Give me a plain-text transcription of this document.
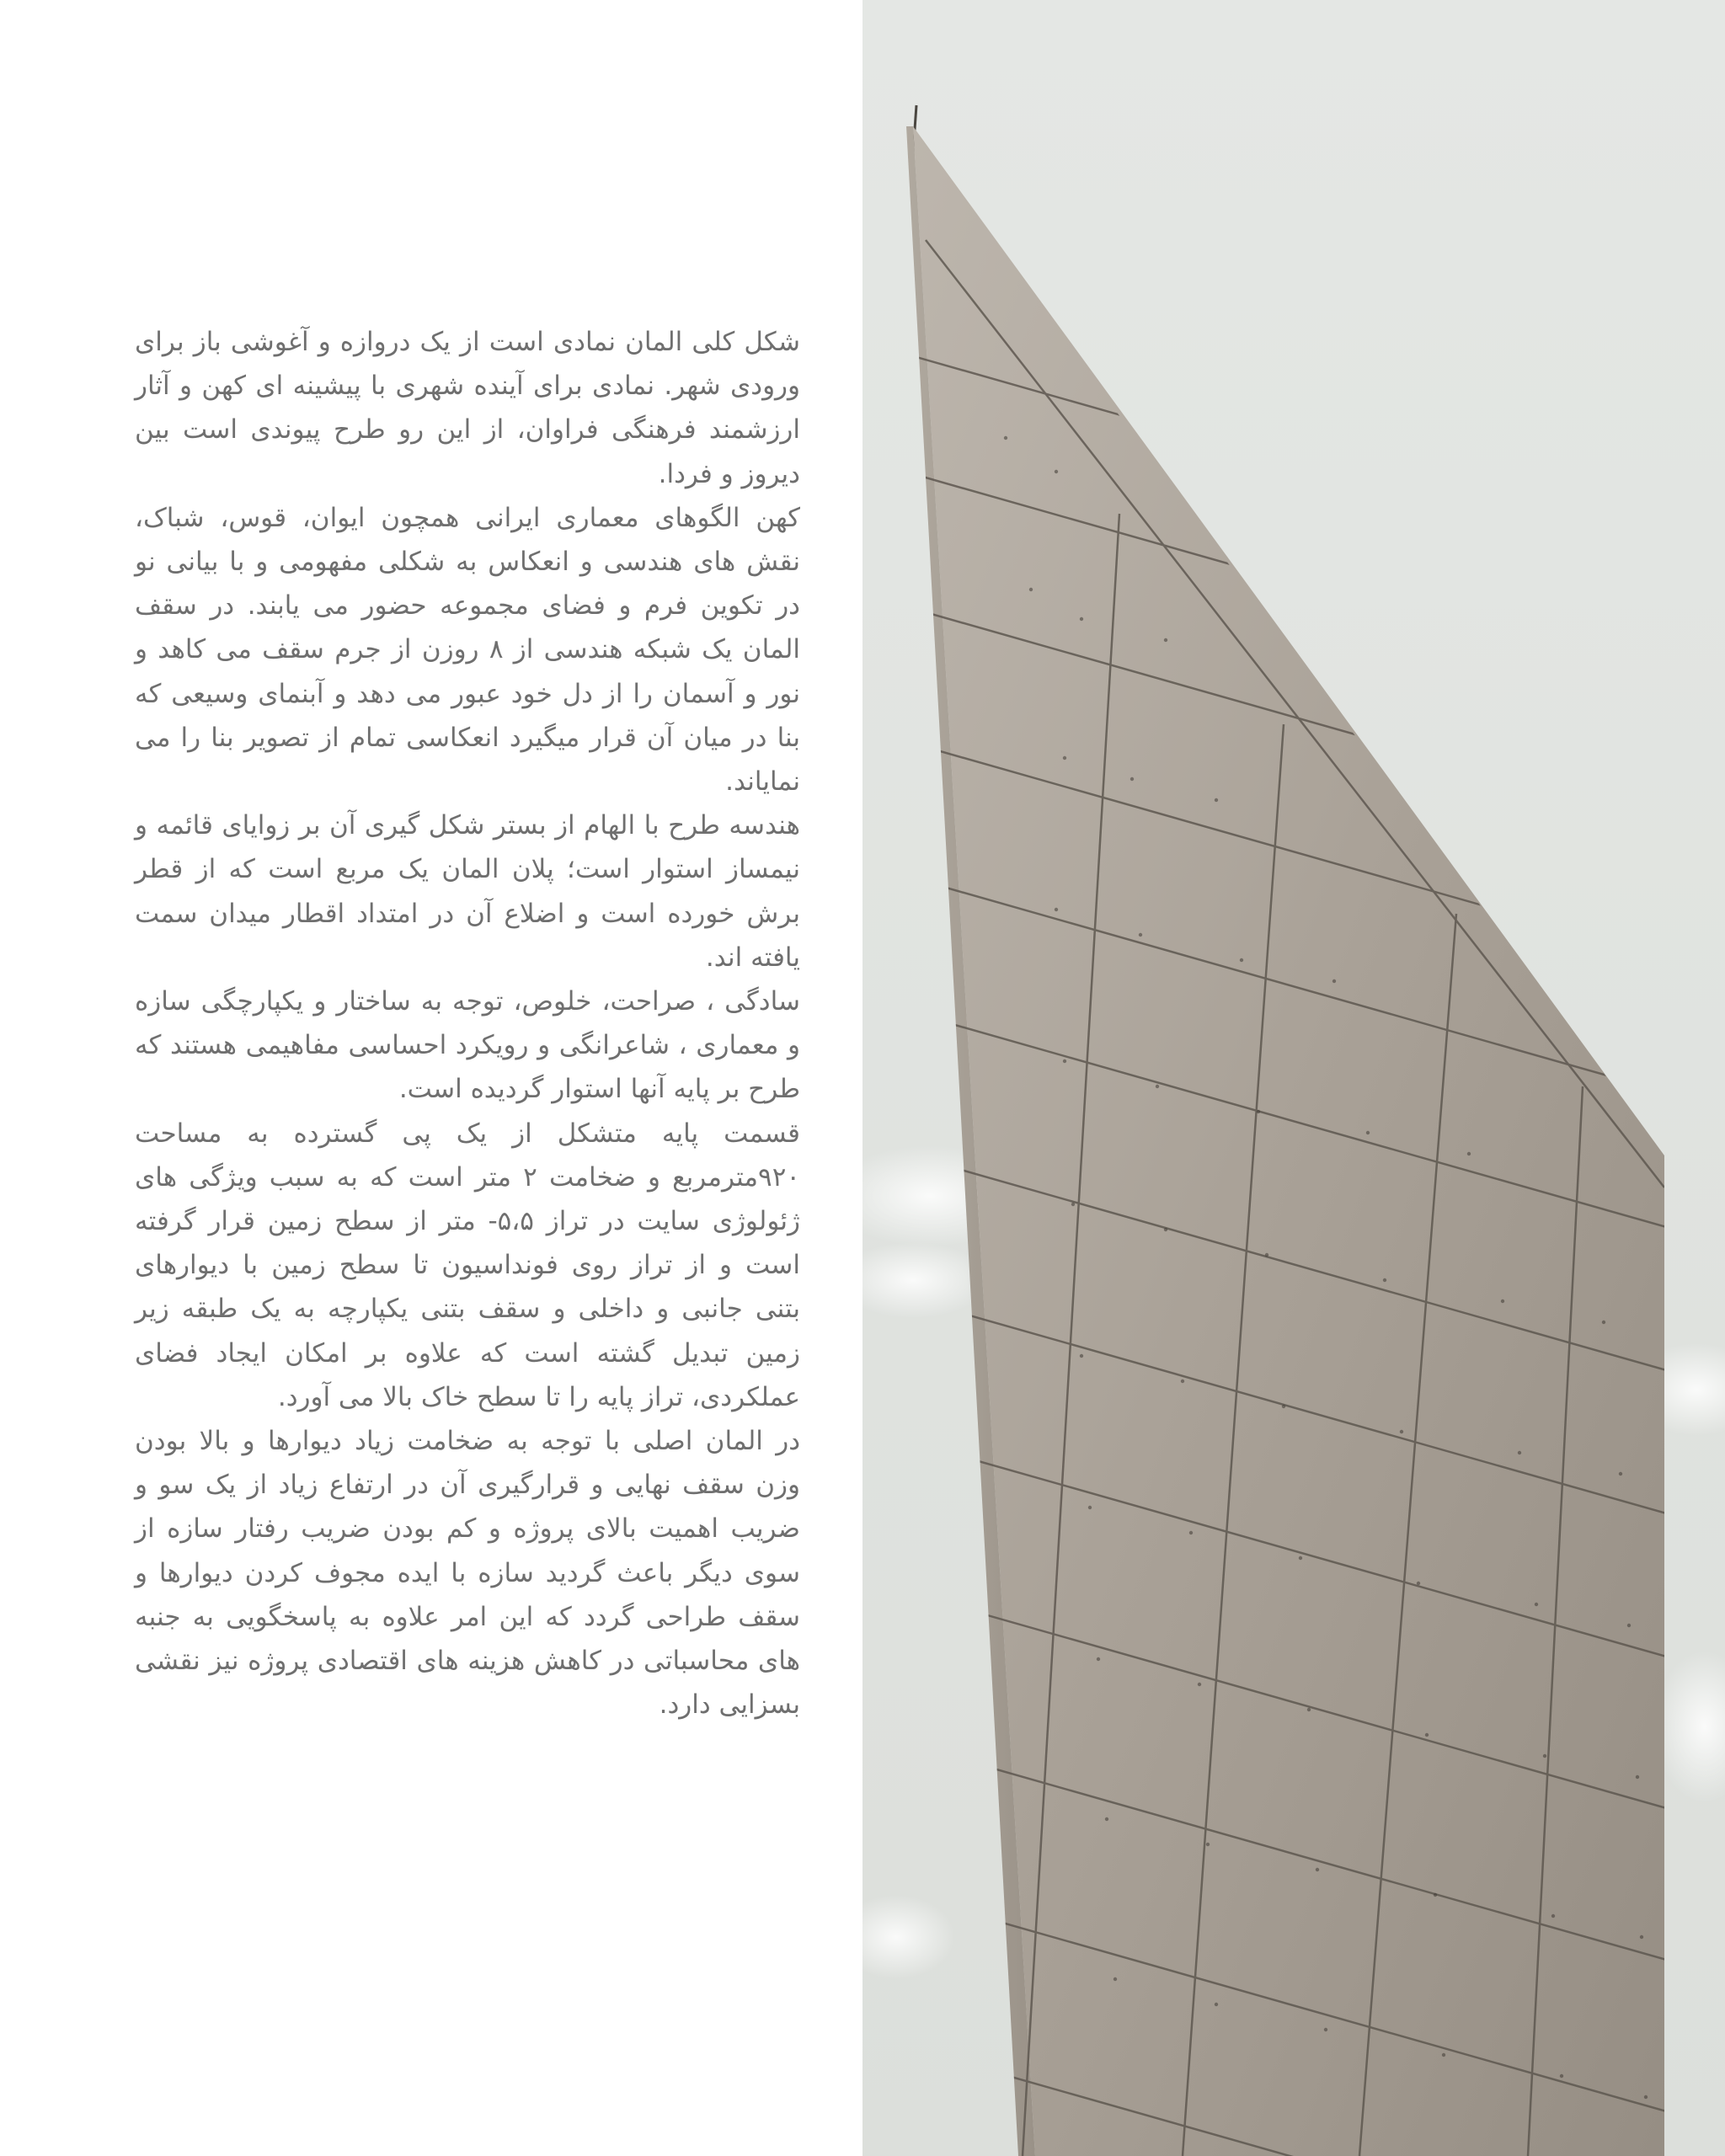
شکل کلی المان نمادی است از یک دروازه و آغوشی باز برای ورودی شهر. نمادی برای آینده شهری با پیشینه ای کهن و آثار ارزشمند فرهنگی فراوان، از این رو طرح پیوندی است بین دیروز و فردا.

کهن الگوهای معماری ایرانی همچون ایوان، قوس، شباک، نقش های هندسی و انعکاس به شکلی مفهومی و با بیانی نو در تکوین فرم و فضای مجموعه حضور می یابند. در سقف المان یک شبکه هندسی از ۸ روزن از جرم سقف می کاهد و نور و آسمان را از دل خود عبور می دهد و آبنمای وسیعی که بنا در میان آن قرار میگیرد انعکاسی تمام از تصویر بنا را می نمایاند.

هندسه طرح با الهام از بستر شکل گیری آن بر زوایای قائمه و نیمساز استوار است؛ پلان المان یک مربع است که از قطر برش خورده است و اضلاع آن در امتداد اقطار میدان سمت یافته اند.

سادگی ، صراحت، خلوص، توجه به ساختار و یکپارچگی سازه و معماری ، شاعرانگی و رویکرد احساسی مفاهیمی هستند که طرح بر پایه آنها استوار گردیده است.

قسمت پایه متشکل از یک پی گسترده به مساحت ۹۲۰مترمربع و ضخامت ۲ متر است که به سبب ویژگی های ژئولوژی سایت در تراز ۵،۵- متر از سطح زمین قرار گرفته است و از تراز روی فونداسیون تا سطح زمین با دیوارهای بتنی جانبی و داخلی و سقف بتنی یکپارچه به یک طبقه زیر زمین تبدیل گشته است که علاوه بر امکان ایجاد فضای عملکردی، تراز پایه را تا سطح خاک بالا می آورد.

در المان اصلی با توجه به ضخامت زیاد دیوارها و بالا بودن وزن سقف نهایی و قرارگیری آن در ارتفاع زیاد از یک سو و ضریب اهمیت بالای پروژه و کم بودن ضریب رفتار سازه از سوی دیگر باعث گردید سازه با ایده مجوف کردن دیوارها و سقف طراحی گردد که این امر علاوه به پاسخگویی به جنبه های محاسباتی در کاهش هزینه های اقتصادی پروژه نیز نقشی بسزایی دارد.
